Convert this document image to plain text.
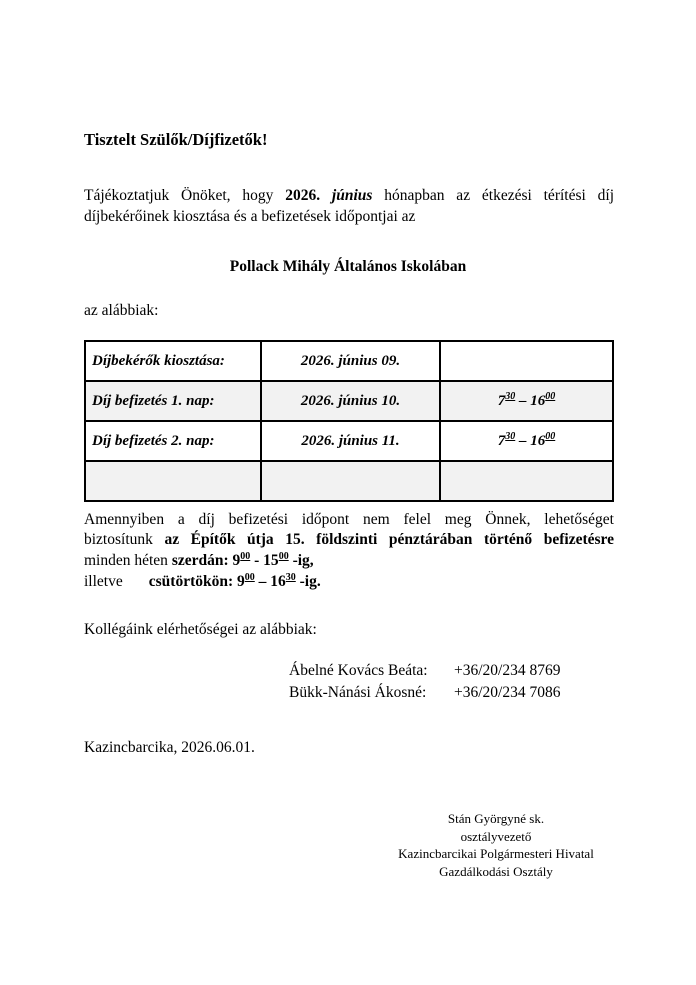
Tisztelt Szülők/Díjfizetők!
Tájékoztatjuk Önöket, hogy 2026. június hónapban az étkezési térítési díj díjbekérőinek kiosztása és a befizetések időpontjai az
Pollack Mihály Általános Iskolában
az alábbiak:
Díjbekérők kiosztása:	2026. június 09.	
Díj befizetés 1. nap:	2026. június 10.	$7^{30} - 16^{00}$
Díj befizetés 2. nap:	2026. június 11.	$7^{30} - 16^{00}$

Amennyiben a díj befizetési időpont nem felel meg Önnek, lehetőséget
biztosítunk az Építők útja 15. földszinti pénztárában történő befizetésre
minden héten szerdán: $9^{00} - 15^{00}$ -ig,
illetve csütörtökön: $9^{00} - 16^{30}$ -ig.
Kollégáink elérhetőségei az alábbiak:
Ábelné Kovács Beáta:	+36/20/234 8769
Bükk-Nánási Ákosné:	+36/20/234 7086
Kazincbarcika, 2026.06.01.
Stán Györgyné sk.
osztályvezető
Kazincbarcikai Polgármesteri Hivatal
Gazdálkodási Osztály
